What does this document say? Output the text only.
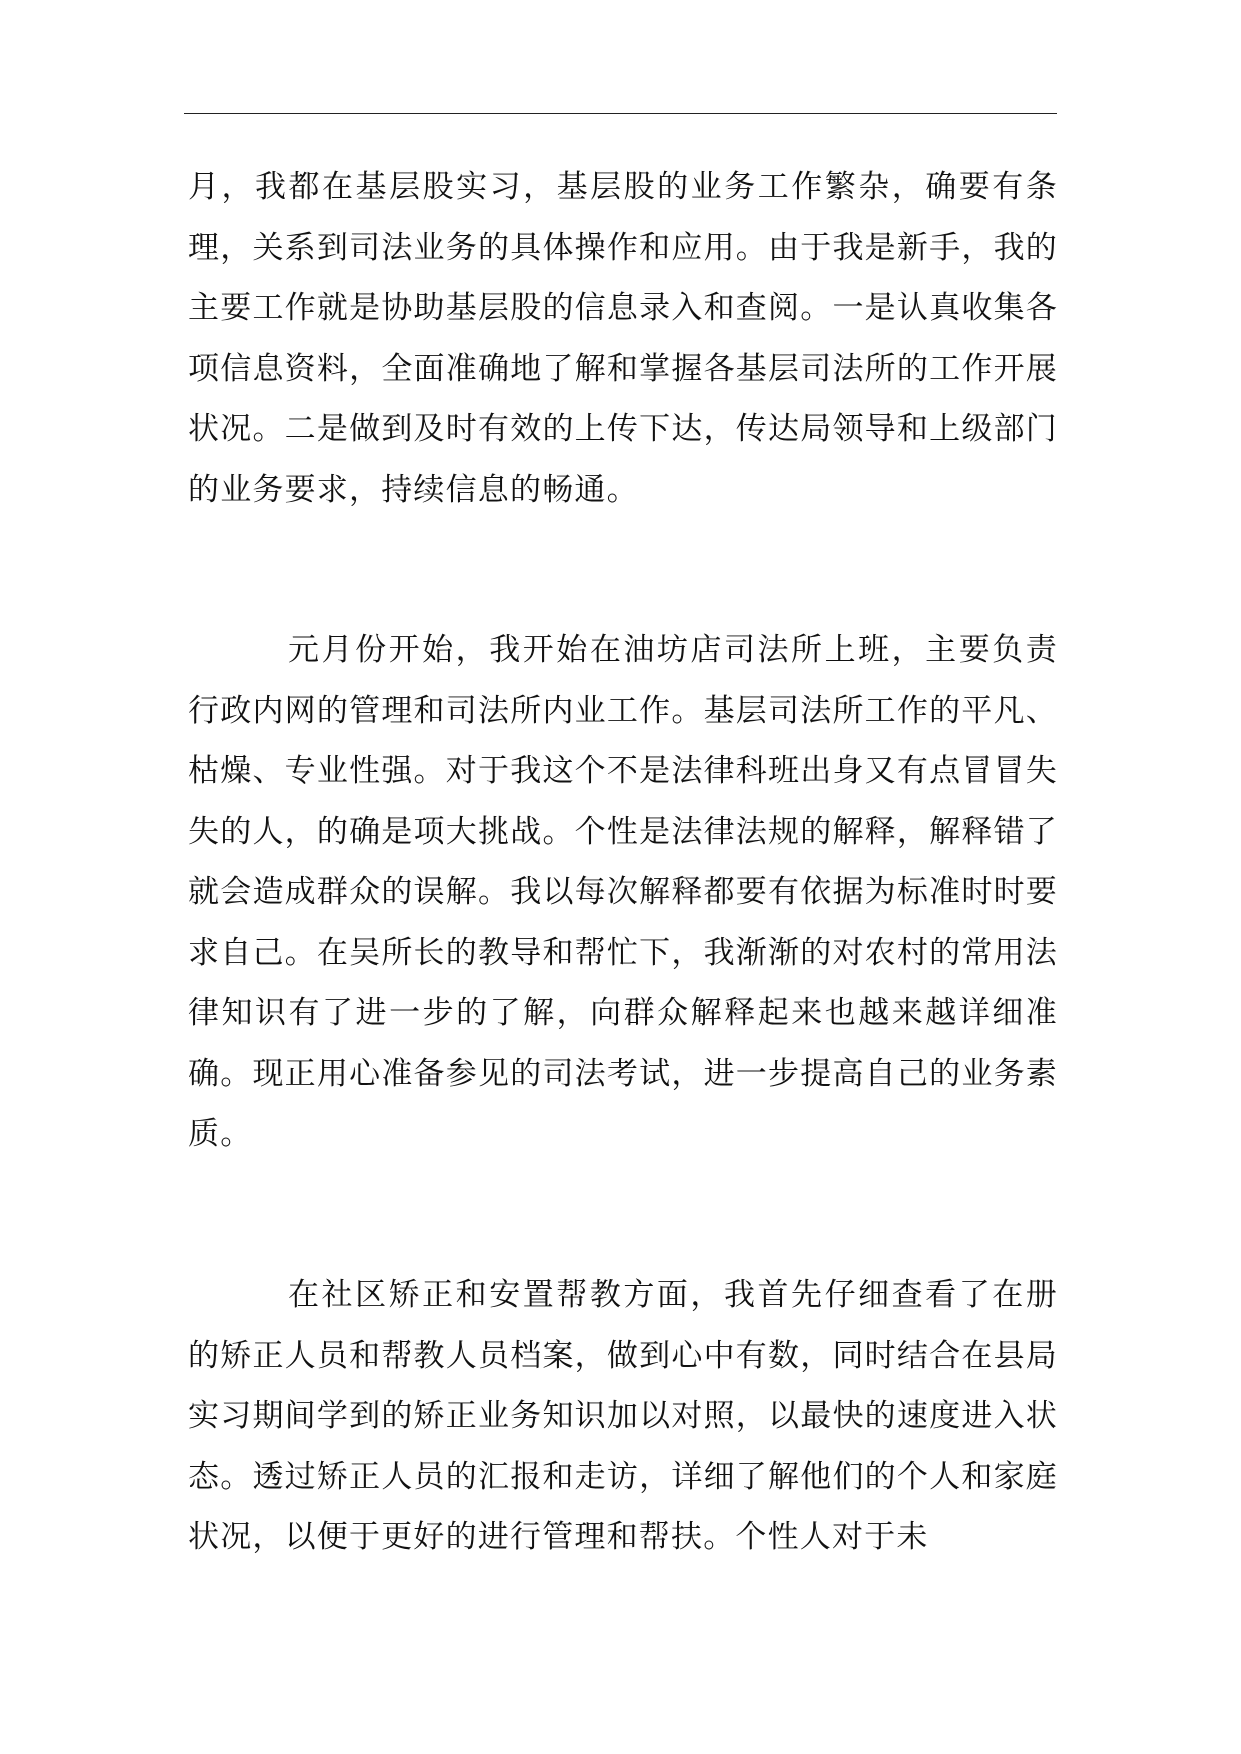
月，我都在基层股实习，基层股的业务工作繁杂，确要有条理，关系到司法业务的具体操作和应用。由于我是新手，我的主要工作就是协助基层股的信息录入和查阅。一是认真收集各项信息资料，全面准确地了解和掌握各基层司法所的工作开展状况。二是做到及时有效的上传下达，传达局领导和上级部门的业务要求，持续信息的畅通。

元月份开始，我开始在油坊店司法所上班，主要负责行政内网的管理和司法所内业工作。基层司法所工作的平凡、枯燥、专业性强。对于我这个不是法律科班出身又有点冒冒失失的人，的确是项大挑战。个性是法律法规的解释，解释错了就会造成群众的误解。我以每次解释都要有依据为标准时时要求自己。在吴所长的教导和帮忙下，我渐渐的对农村的常用法律知识有了进一步的了解，向群众解释起来也越来越详细准确。现正用心准备参见的司法考试，进一步提高自己的业务素质。

在社区矫正和安置帮教方面，我首先仔细查看了在册的矫正人员和帮教人员档案，做到心中有数，同时结合在县局实习期间学到的矫正业务知识加以对照，以最快的速度进入状态。透过矫正人员的汇报和走访，详细了解他们的个人和家庭状况，以便于更好的进行管理和帮扶。个性人对于未
